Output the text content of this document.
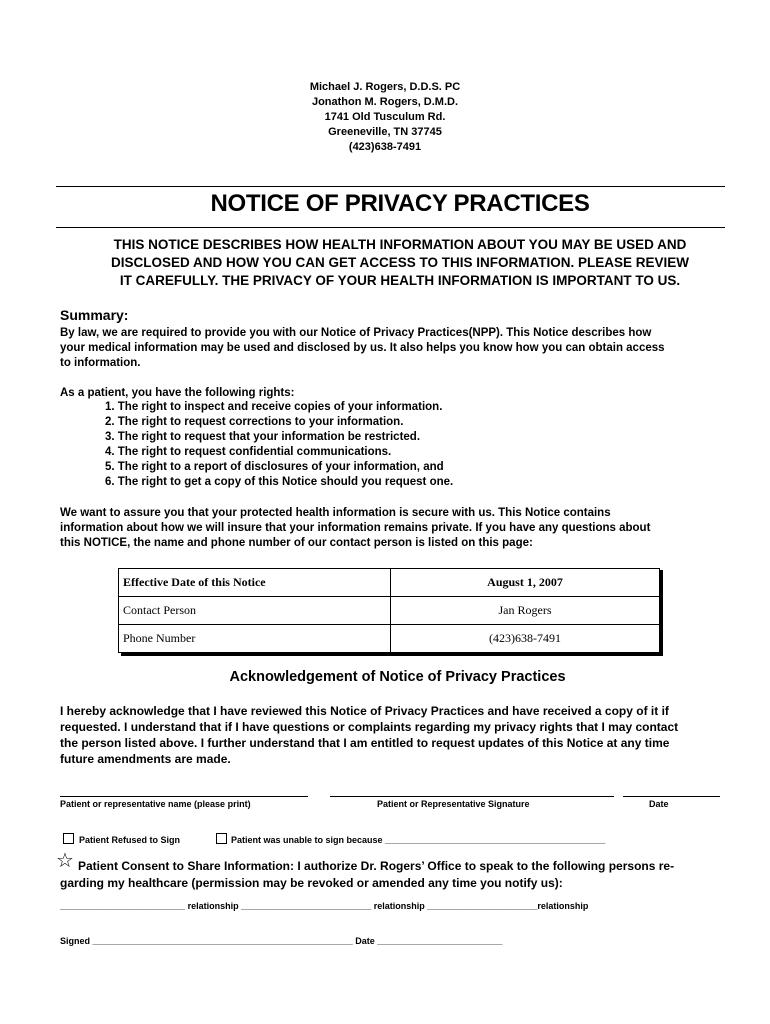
Michael J. Rogers, D.D.S. PC
Jonathon M. Rogers, D.M.D.
1741 Old Tusculum Rd.
Greeneville, TN 37745
(423)638-7491
NOTICE OF PRIVACY PRACTICES
THIS NOTICE DESCRIBES HOW HEALTH INFORMATION ABOUT YOU MAY BE USED AND
DISCLOSED AND HOW YOU CAN GET ACCESS TO THIS INFORMATION. PLEASE REVIEW
IT CAREFULLY. THE PRIVACY OF YOUR HEALTH INFORMATION IS IMPORTANT TO US.
Summary:
By law, we are required to provide you with our Notice of Privacy Practices(NPP). This Notice describes how
your medical information may be used and disclosed by us. It also helps you know how you can obtain access
to information.
As a patient, you have the following rights:
1. The right to inspect and receive copies of your information.
2. The right to request corrections to your information.
3. The right to request that your information be restricted.
4. The right to request confidential communications.
5. The right to a report of disclosures of your information, and
6. The right to get a copy of this Notice should you request one.
We want to assure you that your protected health information is secure with us. This Notice contains
information about how we will insure that your information remains private. If you have any questions about
this NOTICE, the name and phone number of our contact person is listed on this page:
Effective Date of this Notice	August 1, 2007
Contact Person	Jan Rogers
Phone Number	(423)638-7491
Acknowledgement of Notice of Privacy Practices
I hereby acknowledge that I have reviewed this Notice of Privacy Practices and have received a copy of it if
requested. I understand that if I have questions or complaints regarding my privacy rights that I may contact
the person listed above. I further understand that I am entitled to request updates of this Notice at any time
future amendments are made.
Patient or representative name (please print)	Patient or Representative Signature	Date
Patient Refused to Sign	Patient was unable to sign because ____________________________________________
☆ Patient Consent to Share Information: I authorize Dr. Rogers’ Office to speak to the following persons re-
garding my healthcare (permission may be revoked or amended any time you notify us):
_________________________ relationship __________________________ relationship ______________________relationship
Signed ____________________________________________________ Date _________________________
